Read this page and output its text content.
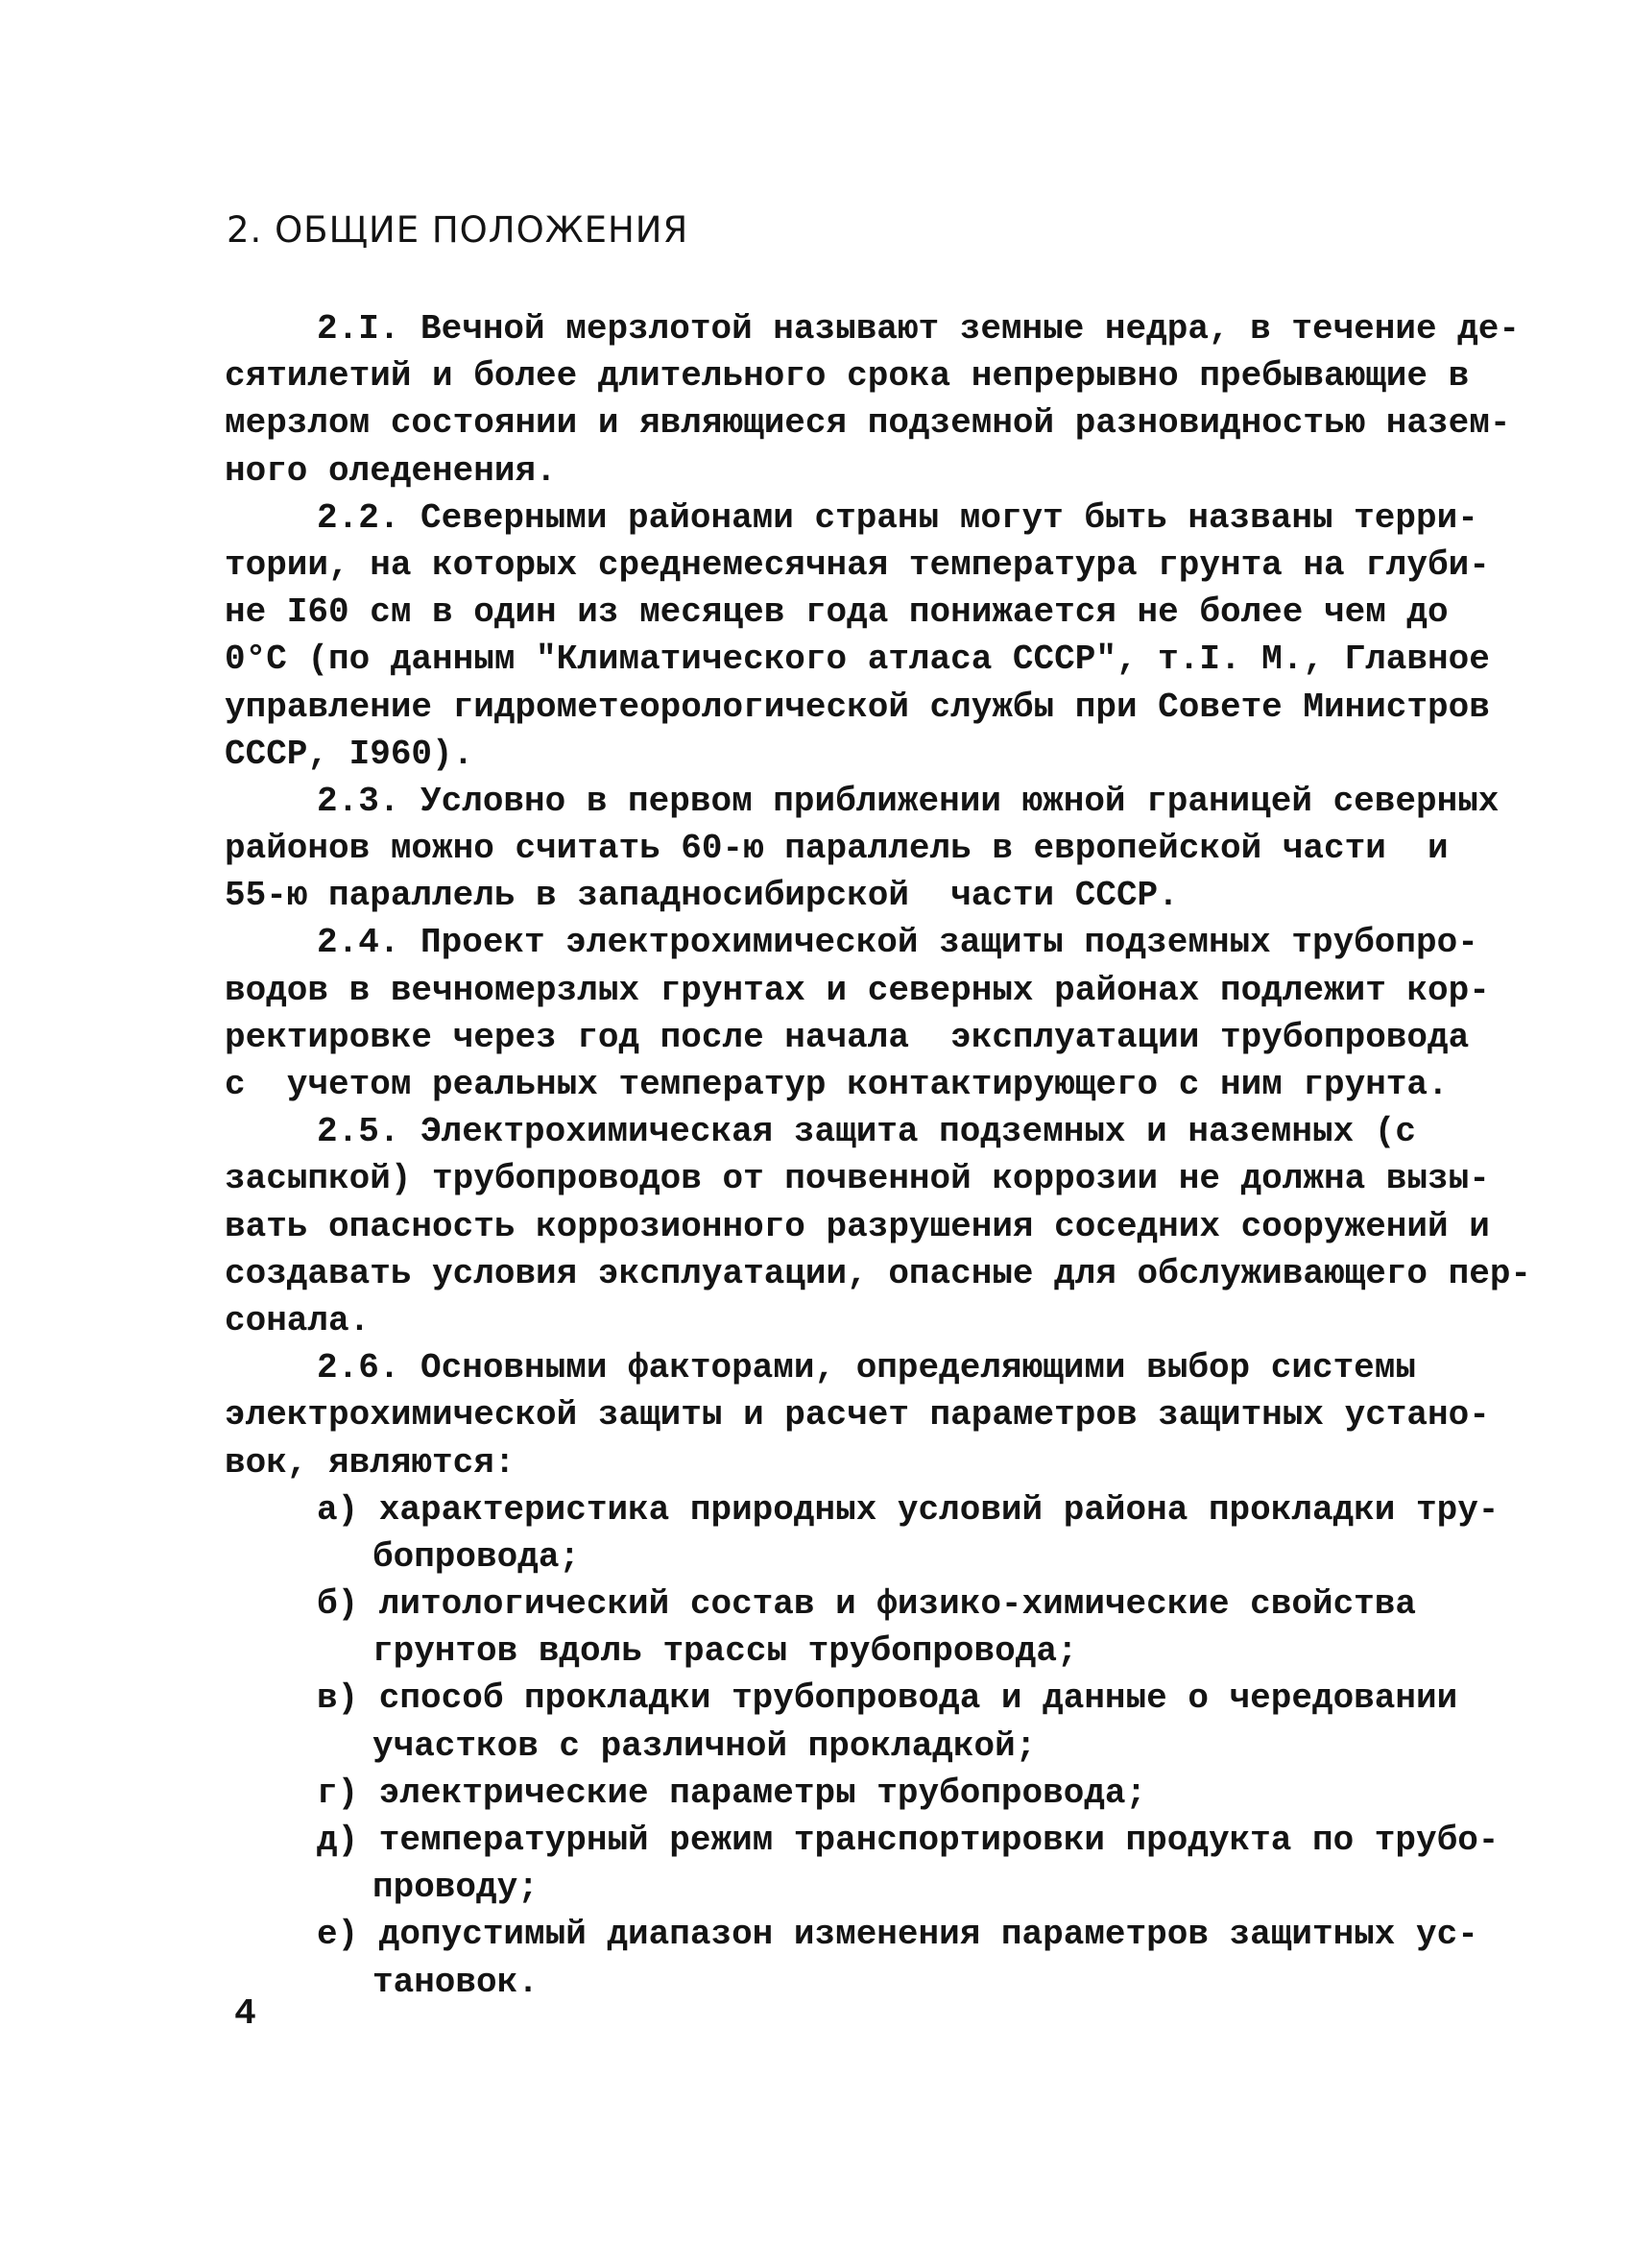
2. ОБЩИЕ ПОЛОЖЕНИЯ
2.I. Вечной мерзлотой называют земные недра, в течение де-
сятилетий и более длительного срока непрерывно пребывающие в
мерзлом состоянии и являющиеся подземной разновидностью назем-
ного оледенения.
2.2. Северными районами страны могут быть названы терри-
тории, на которых среднемесячная температура грунта на глуби-
не I60 см в один из месяцев года понижается не более чем до
0°C (по данным "Климатического атласа СССР", т.I. М., Главное
управление гидрометеорологической службы при Совете Министров
СССР, I960).
2.3. Условно в первом приближении южной границей северных
районов можно считать 60-ю параллель в европейской части  и
55-ю параллель в западносибирской  части СССР.
2.4. Проект электрохимической защиты подземных трубопро-
водов в вечномерзлых грунтах и северных районах подлежит кор-
ректировке через год после начала  эксплуатации трубопровода
с  учетом реальных температур контактирующего с ним грунта.
2.5. Электрохимическая защита подземных и наземных (с
засыпкой) трубопроводов от почвенной коррозии не должна вызы-
вать опасность коррозионного разрушения соседних сооружений и
создавать условия эксплуатации, опасные для обслуживающего пер-
сонала.
2.6. Основными факторами, определяющими выбор системы
электрохимической защиты и расчет параметров защитных устано-
вок, являются:
а) характеристика природных условий района прокладки тру-
бопровода;
б) литологический состав и физико-химические свойства
грунтов вдоль трассы трубопровода;
в) способ прокладки трубопровода и данные о чередовании
участков с различной прокладкой;
г) электрические параметры трубопровода;
д) температурный режим транспортировки продукта по трубо-
проводу;
е) допустимый диапазон изменения параметров защитных ус-
тановок.
4
